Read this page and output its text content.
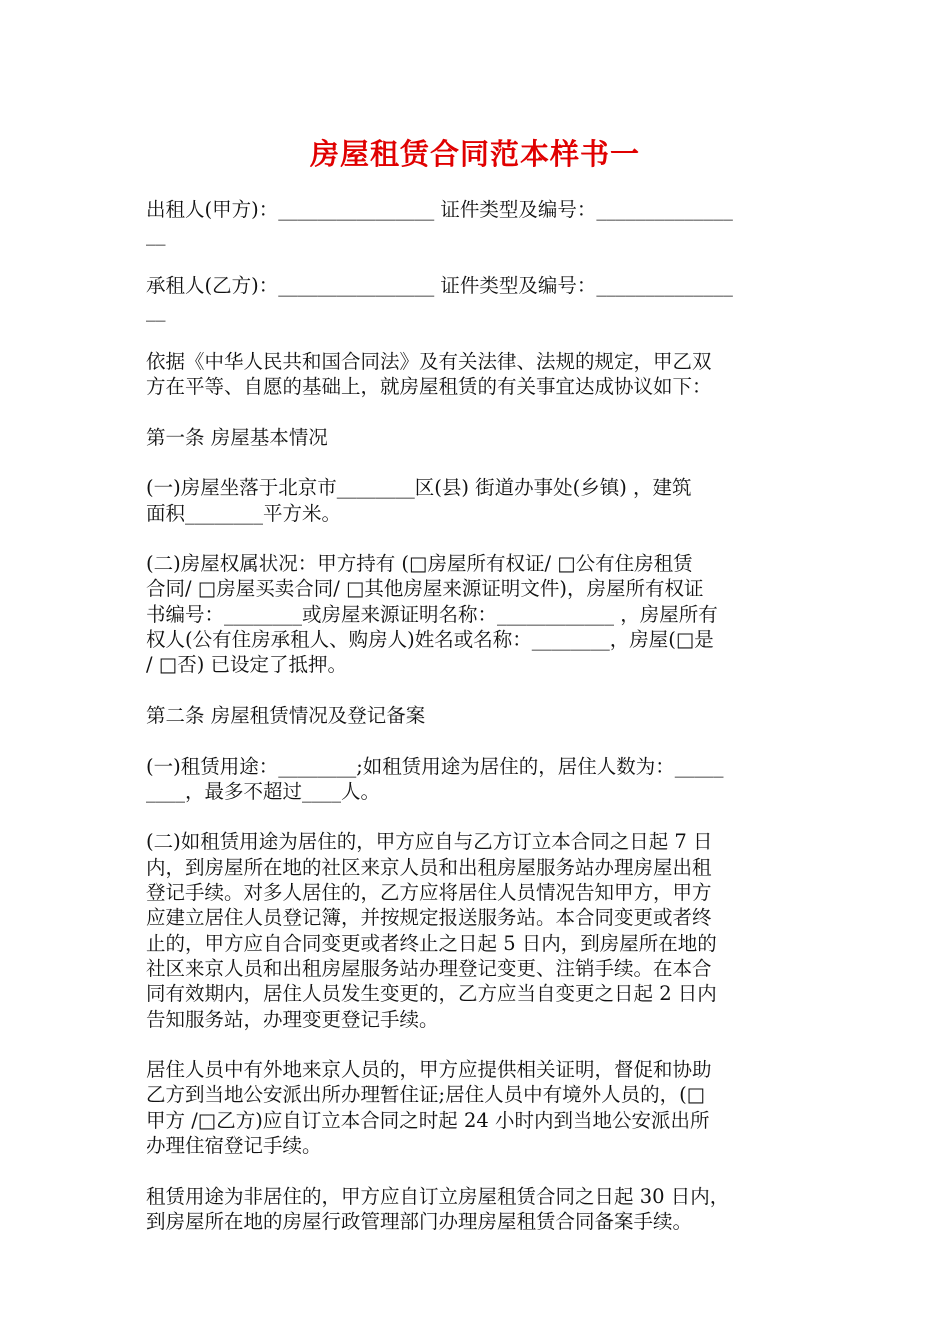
房屋租赁合同范本样书一
出租人(甲方)：________________ 证件类型及编号：______________
__
承租人(乙方)：________________ 证件类型及编号：______________
__
依据《中华人民共和国合同法》及有关法律、法规的规定，甲乙双
方在平等、自愿的基础上，就房屋租赁的有关事宜达成协议如下：
第一条 房屋基本情况
(一)房屋坐落于北京市________区(县) 街道办事处(乡镇) ，建筑
面积________平方米。
(二)房屋权属状况：甲方持有 (□房屋所有权证/ □公有住房租赁
合同/ □房屋买卖合同/ □其他房屋来源证明文件)，房屋所有权证
书编号：________或房屋来源证明名称：____________ ，房屋所有
权人(公有住房承租人、购房人)姓名或名称：________，房屋(□是
/ □否) 已设定了抵押。
第二条 房屋租赁情况及登记备案
(一)租赁用途：________;如租赁用途为居住的，居住人数为：_____
____，最多不超过____人。
(二)如租赁用途为居住的，甲方应自与乙方订立本合同之日起 7 日
内，到房屋所在地的社区来京人员和出租房屋服务站办理房屋出租
登记手续。对多人居住的，乙方应将居住人员情况告知甲方，甲方
应建立居住人员登记簿，并按规定报送服务站。本合同变更或者终
止的，甲方应自合同变更或者终止之日起 5 日内，到房屋所在地的
社区来京人员和出租房屋服务站办理登记变更、注销手续。在本合
同有效期内，居住人员发生变更的，乙方应当自变更之日起 2 日内
告知服务站，办理变更登记手续。
居住人员中有外地来京人员的，甲方应提供相关证明，督促和协助
乙方到当地公安派出所办理暂住证;居住人员中有境外人员的，(□
甲方 /□乙方)应自订立本合同之时起 24 小时内到当地公安派出所
办理住宿登记手续。
租赁用途为非居住的，甲方应自订立房屋租赁合同之日起 30 日内，
到房屋所在地的房屋行政管理部门办理房屋租赁合同备案手续。
